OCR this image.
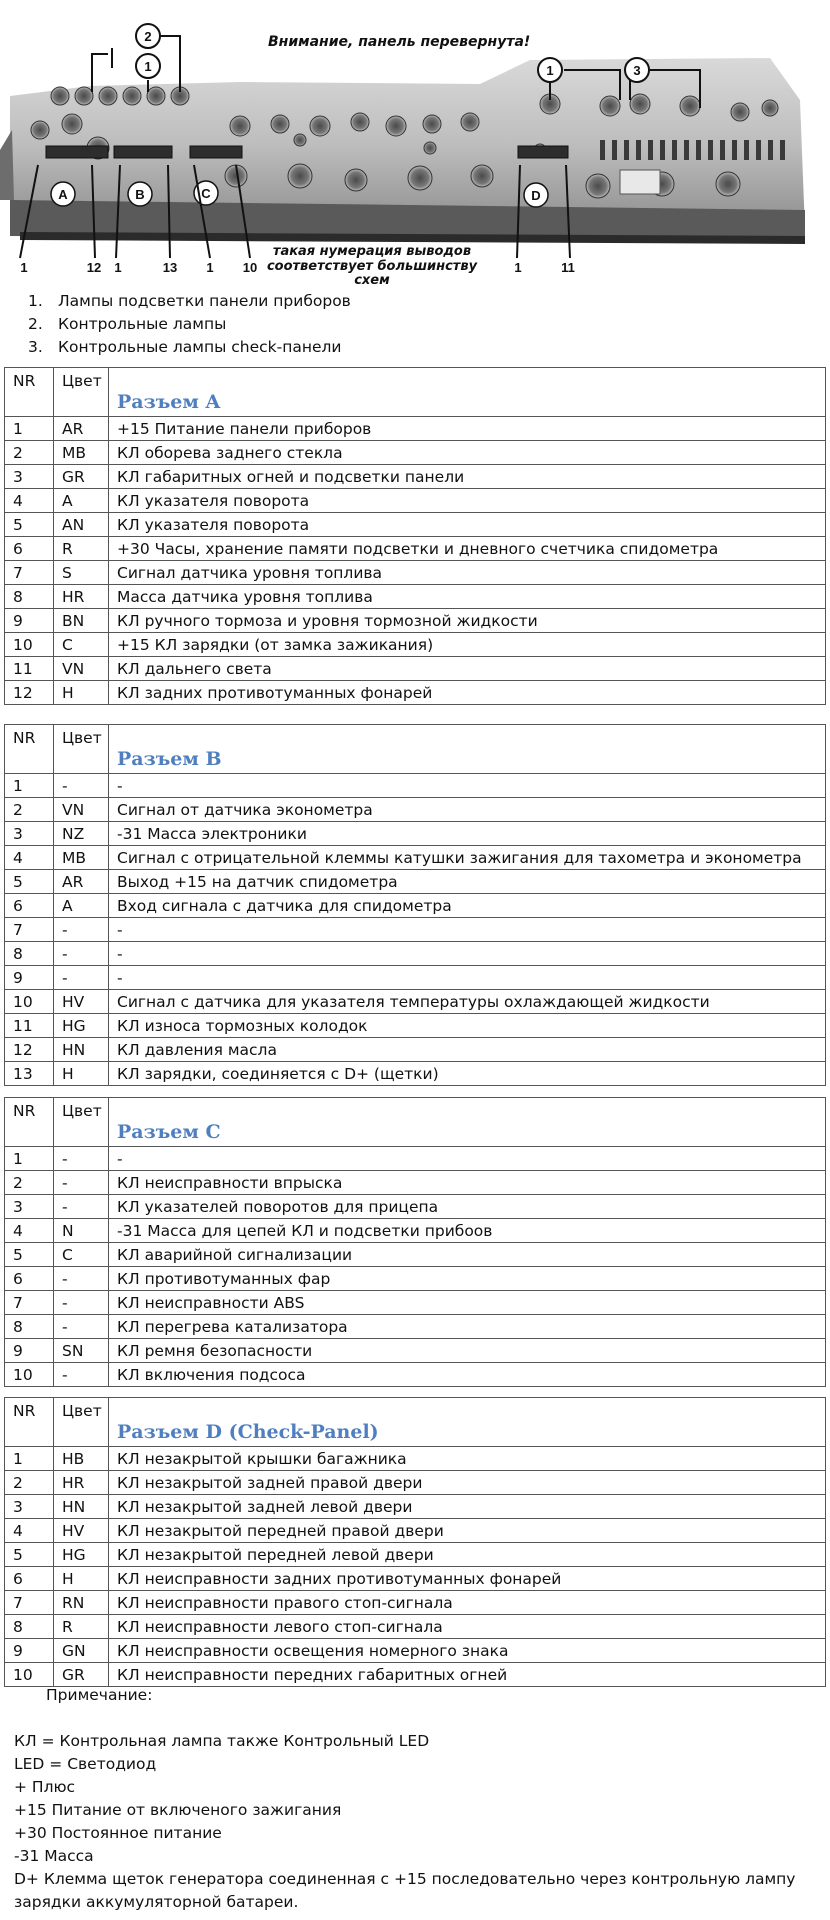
A	B	C	D
2
1	1	3
1	12 1	13 1 10	1	11
Внимание, панель перевернута!
такая нумерация выводов
соответствует большинству
схем
1. Лампы подсветки панели приборов
2. Контрольные лампы
3. Контрольные лампы check-панели
NR	Цвет	Разъем A
1	AR	+15 Питание панели приборов
2	MB	КЛ оборева заднего стекла
3	GR	КЛ габаритных огней и подсветки панели
4	A	КЛ указателя поворота
5	AN	КЛ указателя поворота
6	R	+30 Часы, хранение памяти подсветки и дневного счетчика спидометра
7	S	Сигнал датчика уровня топлива
8	HR	Масса датчика уровня топлива
9	BN	КЛ ручного тормоза и уровня тормозной жидкости
10	C	+15 КЛ зарядки (от замка зажикания)
11	VN	КЛ дальнего света
12	H	КЛ задних противотуманных фонарей
NR	Цвет	Разъем B
1	-	-
2	VN	Сигнал от датчика эконометра
3	NZ	-31 Масса электроники
4	MB	Сигнал с отрицательной клеммы катушки зажигания для тахометра и эконометра
5	AR	Выход +15 на датчик спидометра
6	A	Вход сигнала с датчика для спидометра
7	-	-
8	-	-
9	-	-
10	HV	Сигнал с датчика для указателя температуры охлаждающей жидкости
11	HG	КЛ износа тормозных колодок
12	HN	КЛ давления масла
13	H	КЛ зарядки, соединяется с D+ (щетки)
NR	Цвет	Разъем C
1	-	-
2	-	КЛ неисправности впрыска
3	-	КЛ указателей поворотов для прицепа
4	N	-31 Масса для цепей КЛ и подсветки прибоов
5	C	КЛ аварийной сигнализации
6	-	КЛ противотуманных фар
7	-	КЛ неисправности ABS
8	-	КЛ перегрева катализатора
9	SN	КЛ ремня безопасности
10	-	КЛ включения подсоса
NR	Цвет	Разъем D (Check-Panel)
1	HB	КЛ незакрытой крышки багажника
2	HR	КЛ незакрытой задней правой двери
3	HN	КЛ незакрытой задней левой двери
4	HV	КЛ незакрытой передней правой двери
5	HG	КЛ незакрытой передней левой двери
6	H	КЛ неисправности задних противотуманных фонарей
7	RN	КЛ неисправности правого стоп-сигнала
8	R	КЛ неисправности левого стоп-сигнала
9	GN	КЛ неисправности освещения номерного знака
10	GR	КЛ неисправности передних габаритных огней
Примечание:
КЛ = Контрольная лампа также Контрольный LED
LED = Светодиод
+ Плюс
+15 Питание от включеного зажигания
+30 Постоянное питание
-31 Масса
D+ Клемма щеток генератора соединенная с +15 последовательно через контрольную лампу
зарядки аккумуляторной батареи.
